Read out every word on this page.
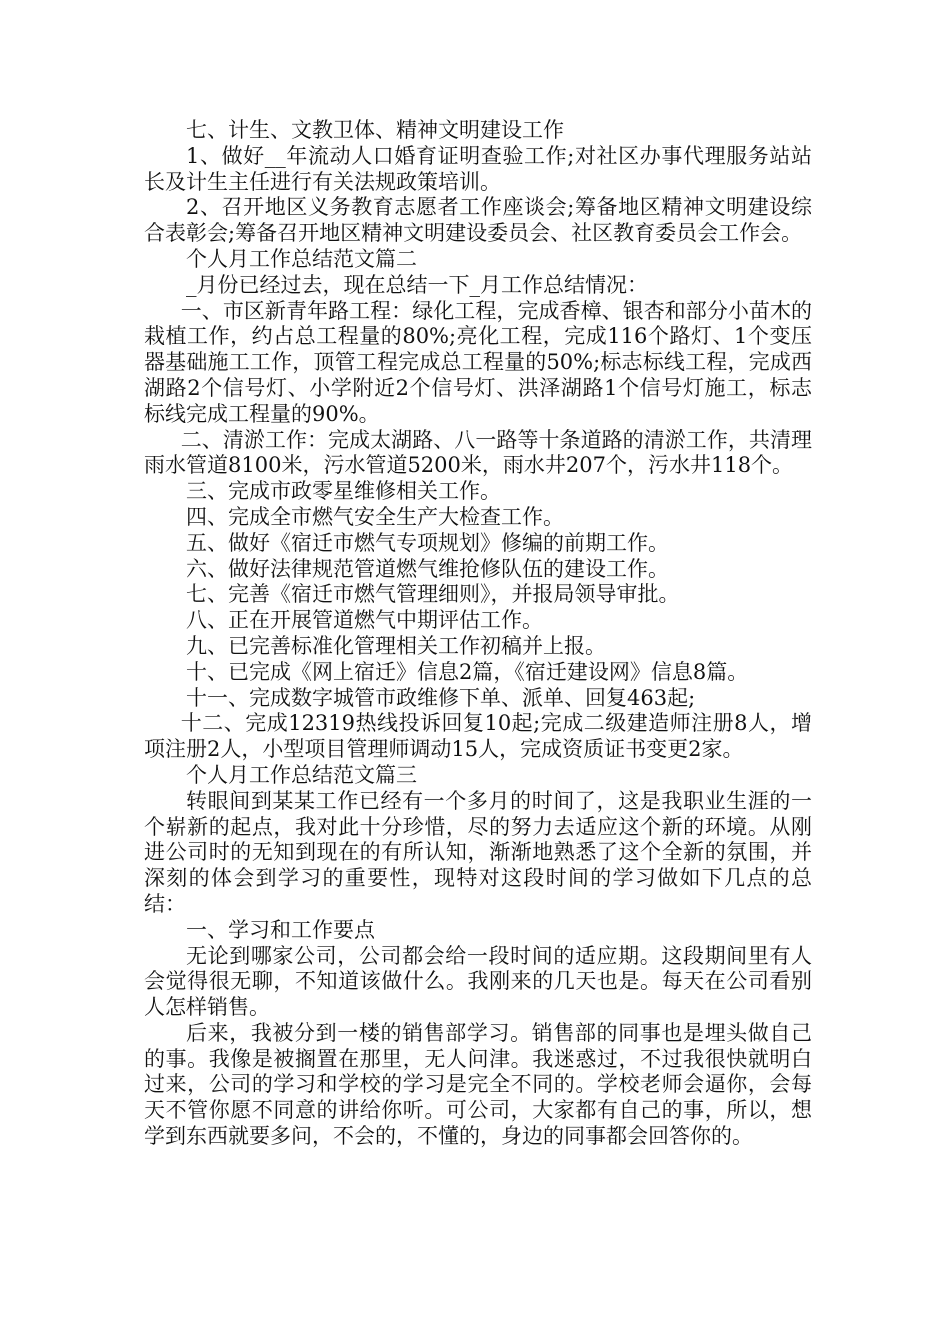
七、计生、文教卫体、精神文明建设工作

1、做好__年流动人口婚育证明查验工作;对社区办事代理服务站站长及计生主任进行有关法规政策培训。

2、召开地区义务教育志愿者工作座谈会;筹备地区精神文明建设综合表彰会;筹备召开地区精神文明建设委员会、社区教育委员会工作会。

个人月工作总结范文篇二

_月份已经过去，现在总结一下_月工作总结情况：

一、市区新青年路工程：绿化工程，完成香樟、银杏和部分小苗木的栽植工作，约占总工程量的80%;亮化工程，完成116个路灯、1个变压器基础施工工作，顶管工程完成总工程量的50%;标志标线工程，完成西湖路2个信号灯、小学附近2个信号灯、洪泽湖路1个信号灯施工，标志标线完成工程量的90%。

二、清淤工作：完成太湖路、八一路等十条道路的清淤工作，共清理雨水管道8100米，污水管道5200米，雨水井207个，污水井118个。

三、完成市政零星维修相关工作。

四、完成全市燃气安全生产大检查工作。

五、做好《宿迁市燃气专项规划》修编的前期工作。

六、做好法律规范管道燃气维抢修队伍的建设工作。

七、完善《宿迁市燃气管理细则》，并报局领导审批。

八、正在开展管道燃气中期评估工作。

九、已完善标准化管理相关工作初稿并上报。

十、已完成《网上宿迁》信息2篇，《宿迁建设网》信息8篇。

十一、完成数字城管市政维修下单、派单、回复463起;

十二、完成12319热线投诉回复10起;完成二级建造师注册8人，增项注册2人，小型项目管理师调动15人，完成资质证书变更2家。

个人月工作总结范文篇三

转眼间到某某工作已经有一个多月的时间了，这是我职业生涯的一个崭新的起点，我对此十分珍惜，尽的努力去适应这个新的环境。从刚进公司时的无知到现在的有所认知，渐渐地熟悉了这个全新的氛围，并深刻的体会到学习的重要性，现特对这段时间的学习做如下几点的总结：

一、学习和工作要点

无论到哪家公司，公司都会给一段时间的适应期。这段期间里有人会觉得很无聊，不知道该做什么。我刚来的几天也是。每天在公司看别人怎样销售。

后来，我被分到一楼的销售部学习。销售部的同事也是埋头做自己的事。我像是被搁置在那里，无人问津。我迷惑过，不过我很快就明白过来，公司的学习和学校的学习是完全不同的。学校老师会逼你，会每天不管你愿不同意的讲给你听。可公司，大家都有自己的事，所以，想学到东西就要多问，不会的，不懂的，身边的同事都会回答你的。
